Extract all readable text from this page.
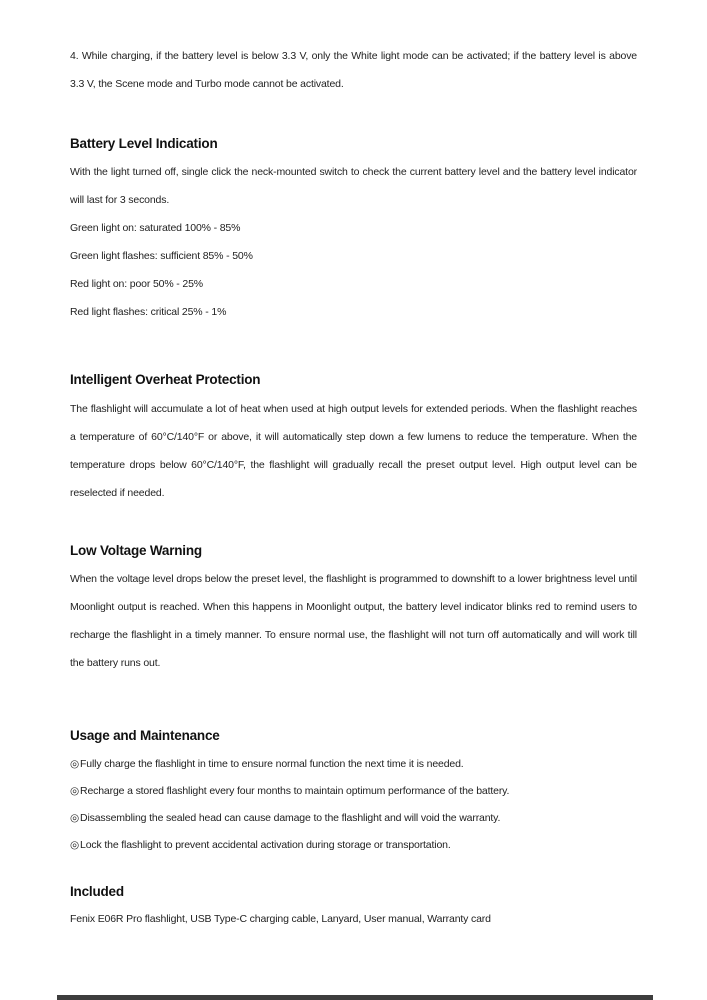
4. While charging, if the battery level is below 3.3 V, only the White light mode can be activated; if the battery level is above 3.3 V, the Scene mode and Turbo mode cannot be activated.

Battery Level Indication

With the light turned off, single click the neck-mounted switch to check the current battery level and the battery level indicator will last for 3 seconds.

Green light on: saturated 100% - 85%

Green light flashes: sufficient 85% - 50%

Red light on: poor 50% - 25%

Red light flashes: critical 25% - 1%

Intelligent Overheat Protection

The flashlight will accumulate a lot of heat when used at high output levels for extended periods. When the flashlight reaches a temperature of 60°C/140°F or above, it will automatically step down a few lumens to reduce the temperature. When the temperature drops below 60°C/140°F, the flashlight will gradually recall the preset output level. High output level can be reselected if needed.

Low Voltage Warning

When the voltage level drops below the preset level, the flashlight is programmed to downshift to a lower brightness level until Moonlight output is reached. When this happens in Moonlight output, the battery level indicator blinks red to remind users to recharge the flashlight in a timely manner. To ensure normal use, the flashlight will not turn off automatically and will work till the battery runs out.

Usage and Maintenance

◎Fully charge the flashlight in time to ensure normal function the next time it is needed.

◎Recharge a stored flashlight every four months to maintain optimum performance of the battery.

◎Disassembling the sealed head can cause damage to the flashlight and will void the warranty.

◎Lock the flashlight to prevent accidental activation during storage or transportation.

Included

Fenix E06R Pro flashlight, USB Type-C charging cable, Lanyard, User manual, Warranty card
